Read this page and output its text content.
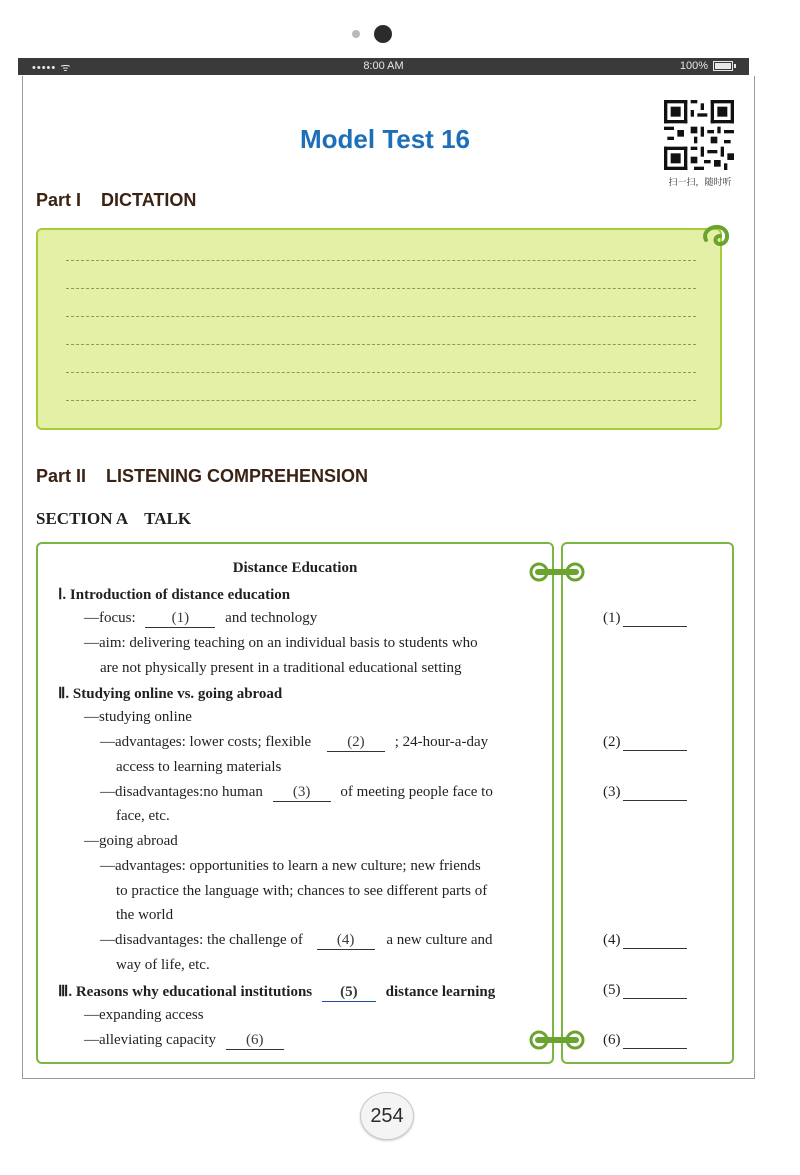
••••• ᯤ	8:00 AM	100%
Model Test 16
扫一扫，随时听
Part I DICTATION
Part II LISTENING COMPREHENSION
SECTION A TALK
Distance Education
Ⅰ. Introduction of distance education
—focus: (1) and technology
—aim: delivering teaching on an individual basis to students who
are not physically present in a traditional educational setting
Ⅱ. Studying online vs. going abroad
—studying online
—advantages: lower costs; flexible (2) ; 24-hour-a-day
access to learning materials
—disadvantages:no human (3) of meeting people face to
face, etc.
—going abroad
—advantages: opportunities to learn a new culture; new friends
to practice the language with; chances to see different parts of
the world
—disadvantages: the challenge of (4) a new culture and
way of life, etc.
Ⅲ. Reasons why educational institutions (5) distance learning
—expanding access
—alleviating capacity (6)
(1)
(2)
(3)
(4)
(5)
(6)
254
